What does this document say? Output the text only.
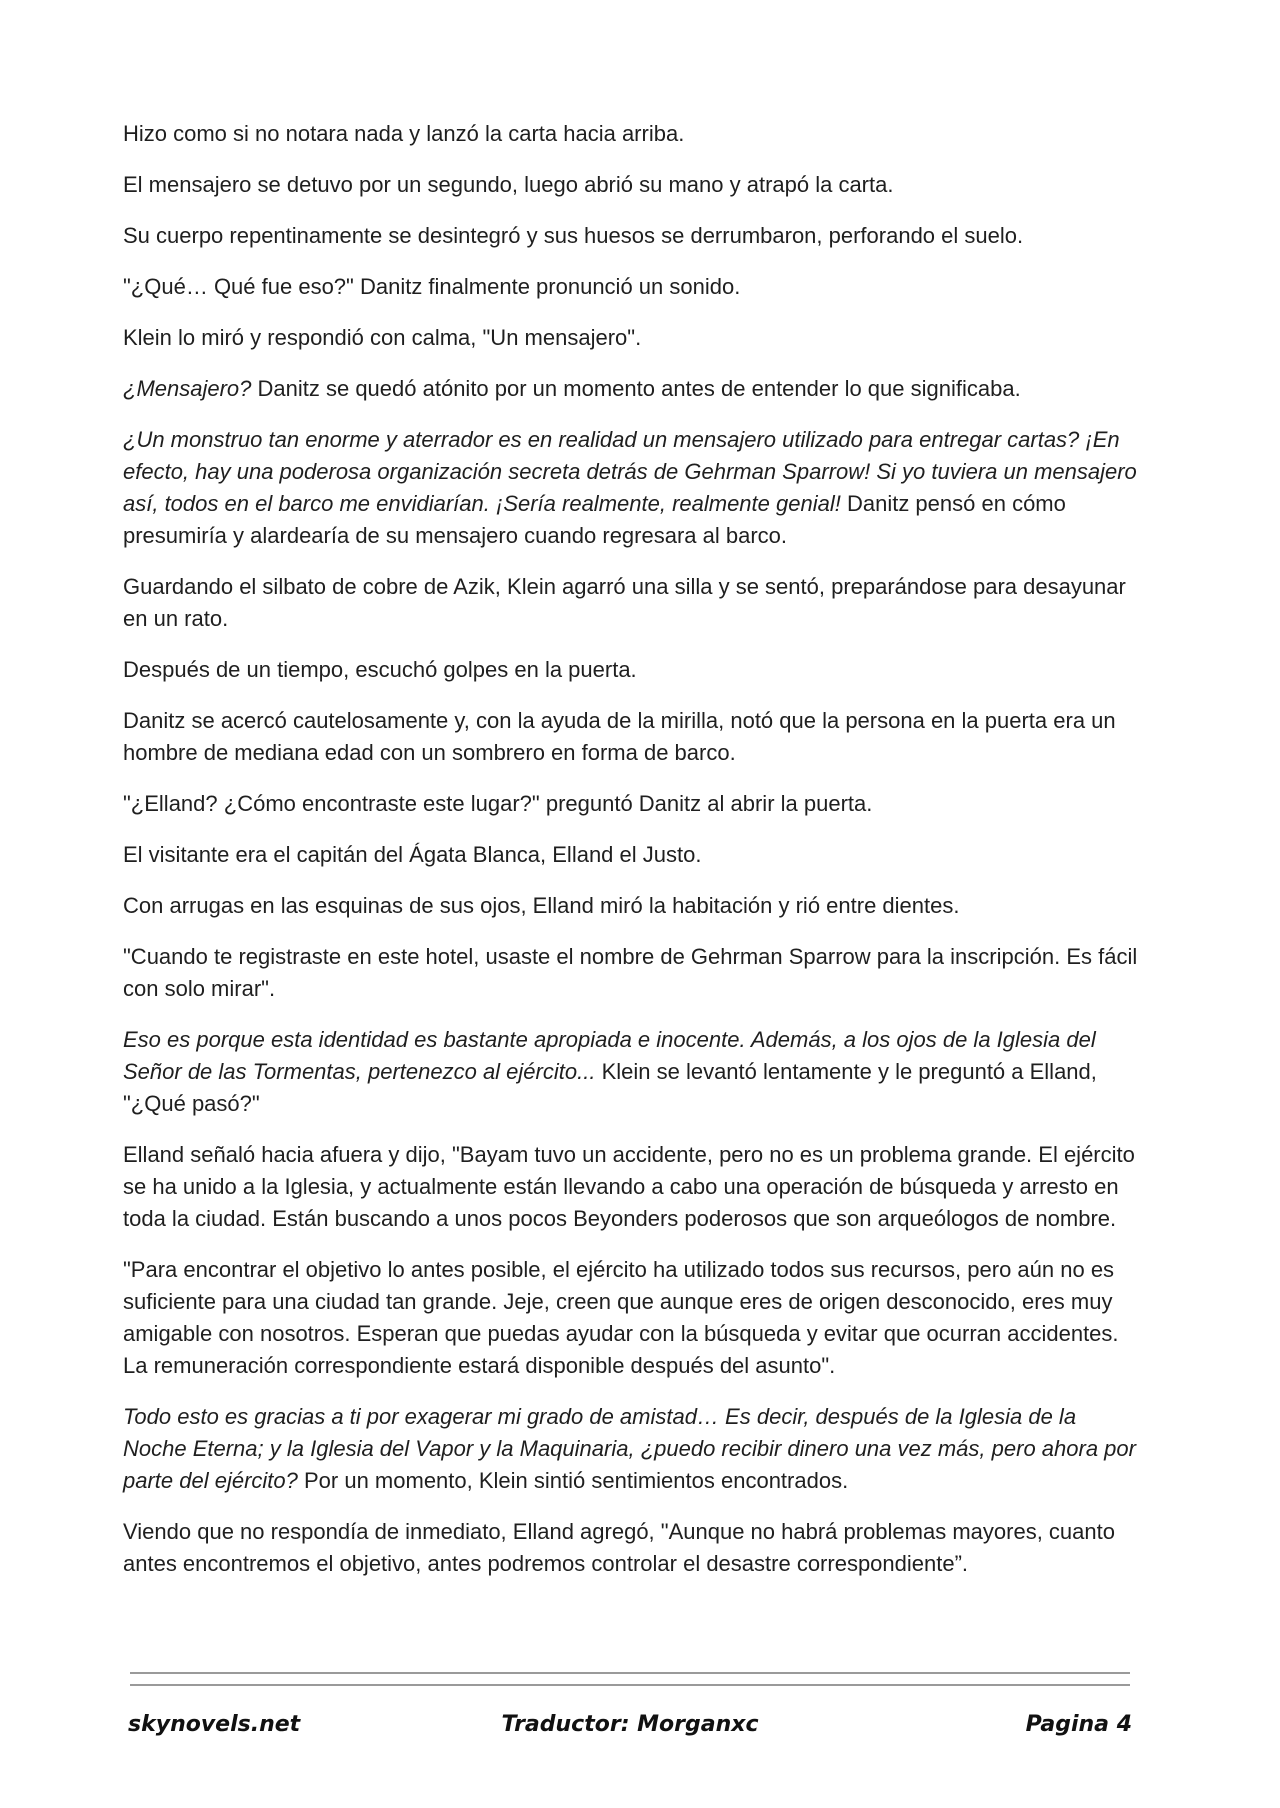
Hizo como si no notara nada y lanzó la carta hacia arriba.

El mensajero se detuvo por un segundo, luego abrió su mano y atrapó la carta.

Su cuerpo repentinamente se desintegró y sus huesos se derrumbaron, perforando el suelo.

"¿Qué… Qué fue eso?" Danitz finalmente pronunció un sonido.

Klein lo miró y respondió con calma, "Un mensajero".

¿Mensajero? Danitz se quedó atónito por un momento antes de entender lo que significaba.

¿Un monstruo tan enorme y aterrador es en realidad un mensajero utilizado para entregar cartas? ¡En efecto, hay una poderosa organización secreta detrás de Gehrman Sparrow! Si yo tuviera un mensajero así, todos en el barco me envidiarían. ¡Sería realmente, realmente genial! Danitz pensó en cómo presumiría y alardearía de su mensajero cuando regresara al barco.

Guardando el silbato de cobre de Azik, Klein agarró una silla y se sentó, preparándose para desayunar en un rato.

Después de un tiempo, escuchó golpes en la puerta.

Danitz se acercó cautelosamente y, con la ayuda de la mirilla, notó que la persona en la puerta era un hombre de mediana edad con un sombrero en forma de barco.

"¿Elland? ¿Cómo encontraste este lugar?" preguntó Danitz al abrir la puerta.

El visitante era el capitán del Ágata Blanca, Elland el Justo.

Con arrugas en las esquinas de sus ojos, Elland miró la habitación y rió entre dientes.

"Cuando te registraste en este hotel, usaste el nombre de Gehrman Sparrow para la inscripción. Es fácil con solo mirar".

Eso es porque esta identidad es bastante apropiada e inocente. Además, a los ojos de la Iglesia del Señor de las Tormentas, pertenezco al ejército... Klein se levantó lentamente y le preguntó a Elland, "¿Qué pasó?"

Elland señaló hacia afuera y dijo, "Bayam tuvo un accidente, pero no es un problema grande. El ejército se ha unido a la Iglesia, y actualmente están llevando a cabo una operación de búsqueda y arresto en toda la ciudad. Están buscando a unos pocos Beyonders poderosos que son arqueólogos de nombre.

"Para encontrar el objetivo lo antes posible, el ejército ha utilizado todos sus recursos, pero aún no es suficiente para una ciudad tan grande. Jeje, creen que aunque eres de origen desconocido, eres muy amigable con nosotros. Esperan que puedas ayudar con la búsqueda y evitar que ocurran accidentes. La remuneración correspondiente estará disponible después del asunto".

Todo esto es gracias a ti por exagerar mi grado de amistad… Es decir, después de la Iglesia de la Noche Eterna; y la Iglesia del Vapor y la Maquinaria, ¿puedo recibir dinero una vez más, pero ahora por parte del ejército? Por un momento, Klein sintió sentimientos encontrados.

Viendo que no respondía de inmediato, Elland agregó, "Aunque no habrá problemas mayores, cuanto antes encontremos el objetivo, antes podremos controlar el desastre correspondiente”.

skynovels.net	Traductor: Morganxc	Pagina 4
